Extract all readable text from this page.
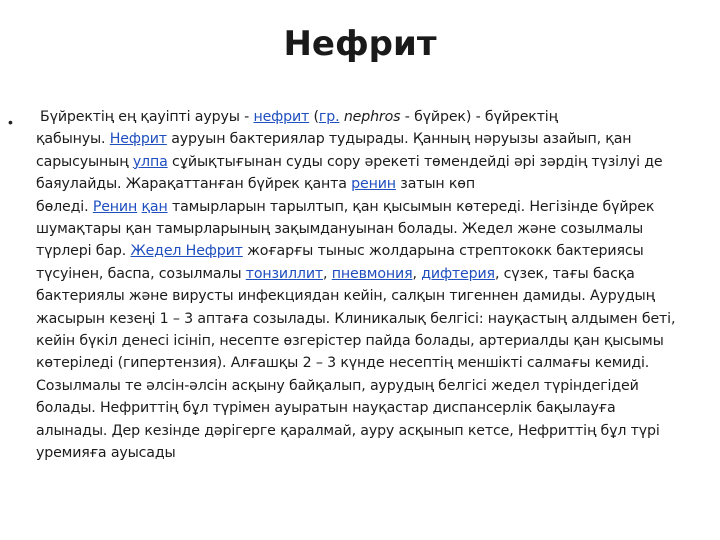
Нефрит
• Бүйректің ең қауіпті ауруы - нефрит (гр. nephros - бүйрек) - бүйректің
қабынуы. Нефрит ауруын бактериялар тудырады. Қанның нәруызы азайып, қан
сарысуының улпа сұйықтығынан суды сору әрекеті төмендейді әрі зәрдің түзілуі де
баяулайды. Жарақаттанған бүйрек қанта ренин затын көп
бөледі. Ренин қан тамырларын тарылтып, қан қысымын көтереді. Негізінде бүйрек
шумақтары қан тамырларының зақымдануынан болады. Жедел және созылмалы
түрлері бар. Жедел Нефрит жоғарғы тыныс жолдарына стрептококк бактериясы
түсуінен, баспа, созылмалы тонзиллит, пневмония, дифтерия, сүзек, тағы басқа
бактериялы және вирусты инфекциядан кейін, салқын тигеннен дамиды. Аурудың
жасырын кезеңі 1 – 3 аптаға созылады. Клиникалық белгісі: науқастың алдымен беті,
кейін бүкіл денесі ісініп, несепте өзгерістер пайда болады, артериалды қан қысымы
көтеріледі (гипертензия). Алғашқы 2 – 3 күнде несептің меншікті салмағы кемиді.
Созылмалы те әлсін-әлсін асқыну байқалып, аурудың белгісі жедел түріндегідей
болады. Нефриттің бұл түрімен ауыратын науқастар диспансерлік бақылауға
алынады. Дер кезінде дәрігерге қаралмай, ауру асқынып кетсе, Нефриттің бұл түрі
уремияға ауысады
